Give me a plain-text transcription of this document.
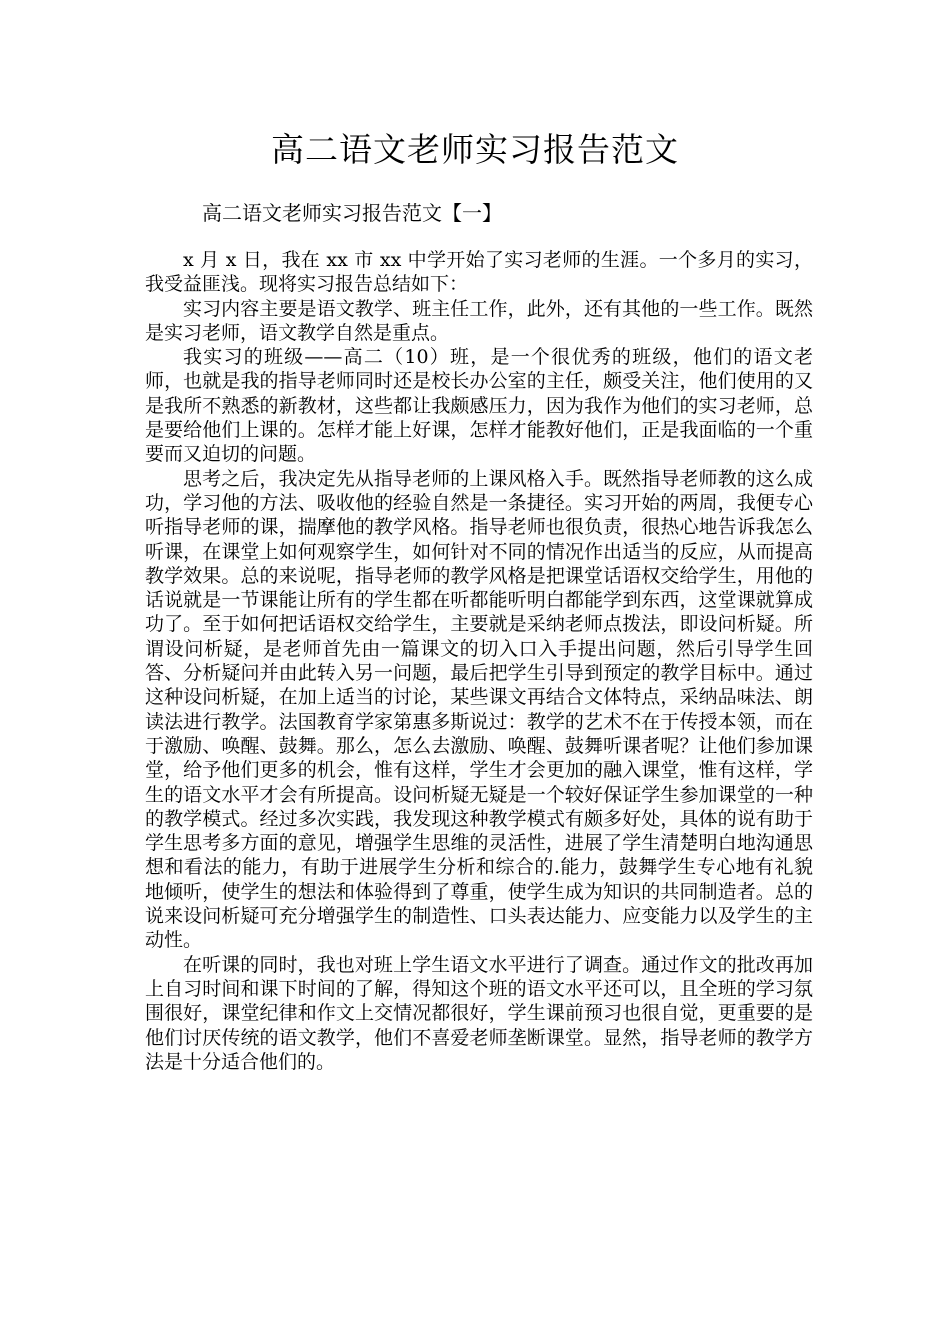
高二语文老师实习报告范文
高二语文老师实习报告范文【一】

x 月 x 日，我在 xx 市 xx 中学开始了实习老师的生涯。一个多月的实习，我受益匪浅。现将实习报告总结如下：

实习内容主要是语文教学、班主任工作，此外，还有其他的一些工作。既然是实习老师，语文教学自然是重点。

我实习的班级——高二（10）班，是一个很优秀的班级，他们的语文老师，也就是我的指导老师同时还是校长办公室的主任，颇受关注，他们使用的又是我所不熟悉的新教材，这些都让我颇感压力，因为我作为他们的实习老师，总是要给他们上课的。怎样才能上好课，怎样才能教好他们，正是我面临的一个重要而又迫切的问题。

思考之后，我决定先从指导老师的上课风格入手。既然指导老师教的这么成功，学习他的方法、吸收他的经验自然是一条捷径。实习开始的两周，我便专心听指导老师的课，揣摩他的教学风格。指导老师也很负责，很热心地告诉我怎么听课，在课堂上如何观察学生，如何针对不同的情况作出适当的反应，从而提高教学效果。总的来说呢，指导老师的教学风格是把课堂话语权交给学生，用他的话说就是一节课能让所有的学生都在听都能听明白都能学到东西，这堂课就算成功了。至于如何把话语权交给学生，主要就是采纳老师点拨法，即设问析疑。所谓设问析疑，是老师首先由一篇课文的切入口入手提出问题，然后引导学生回答、分析疑问并由此转入另一问题，最后把学生引导到预定的教学目标中。通过这种设问析疑，在加上适当的讨论，某些课文再结合文体特点，采纳品味法、朗读法进行教学。法国教育学家第惠多斯说过：教学的艺术不在于传授本领，而在于激励、唤醒、鼓舞。那么，怎么去激励、唤醒、鼓舞听课者呢？让他们参加课堂，给予他们更多的机会，惟有这样，学生才会更加的融入课堂，惟有这样，学生的语文水平才会有所提高。设问析疑无疑是一个较好保证学生参加课堂的一种的教学模式。经过多次实践，我发现这种教学模式有颇多好处，具体的说有助于学生思考多方面的意见，增强学生思维的灵活性，进展了学生清楚明白地沟通思想和看法的能力，有助于进展学生分析和综合的.能力，鼓舞学生专心地有礼貌地倾听，使学生的想法和体验得到了尊重，使学生成为知识的共同制造者。总的说来设问析疑可充分增强学生的制造性、口头表达能力、应变能力以及学生的主动性。

在听课的同时，我也对班上学生语文水平进行了调查。通过作文的批改再加上自习时间和课下时间的了解，得知这个班的语文水平还可以，且全班的学习氛围很好，课堂纪律和作文上交情况都很好，学生课前预习也很自觉，更重要的是他们讨厌传统的语文教学，他们不喜爱老师垄断课堂。显然，指导老师的教学方法是十分适合他们的。
